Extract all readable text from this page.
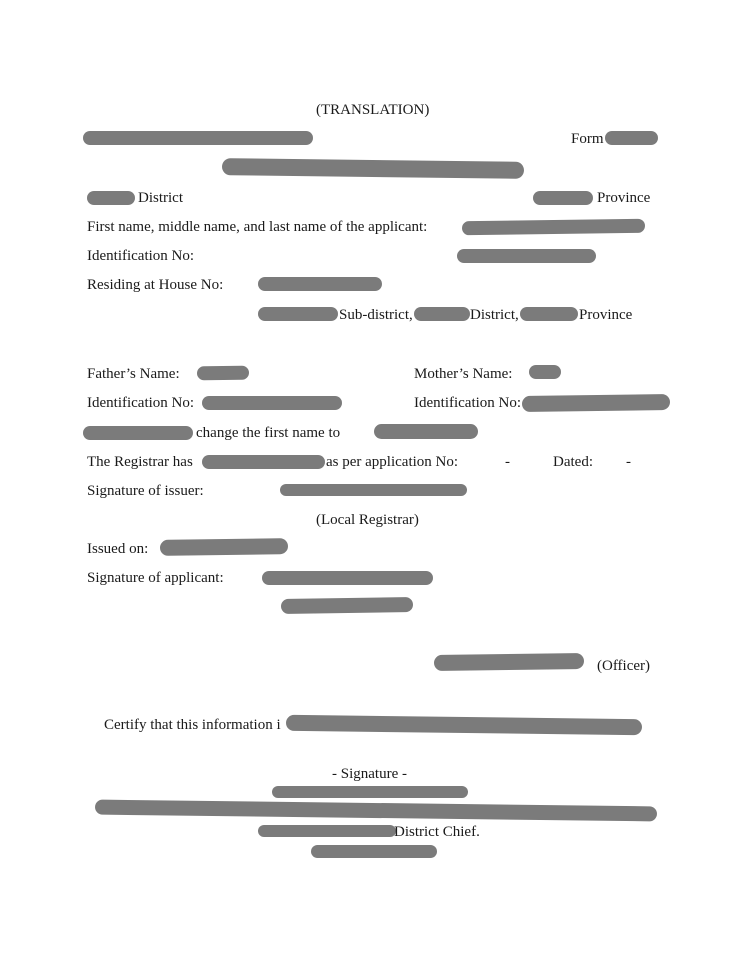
(TRANSLATION)
Form
District	Province
First name, middle name, and last name of the applicant:
Identification No:
Residing at House No:
Sub-district,	District,	Province
Father’s Name:	Mother’s Name:
Identification No:	Identification No:
change the first name to
The Registrar has	as per application No:	-	Dated: -
Signature of issuer:
(Local Registrar)
Issued on:
Signature of applicant:
(Officer)
Certify that this information i
- Signature -
District Chief.
